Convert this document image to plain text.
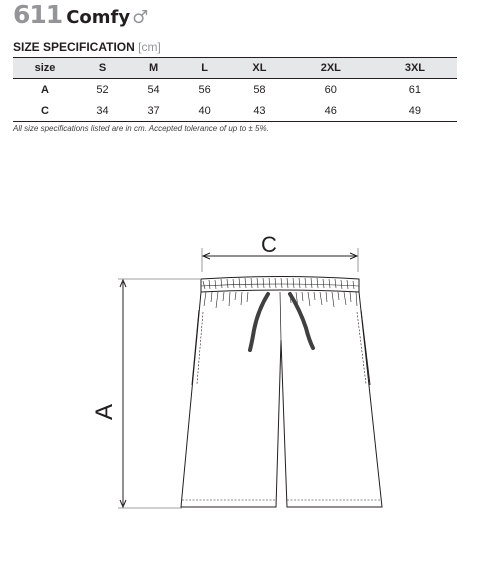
611 Comfy ♂
SIZE SPECIFICATION [cm]
size	S	M	L	XL	2XL	3XL
A	52	54	56	58	60	61
C	34	37	40	43	46	49
All size specifications listed are in cm. Accepted tolerance of up to ± 5%.
A
C
